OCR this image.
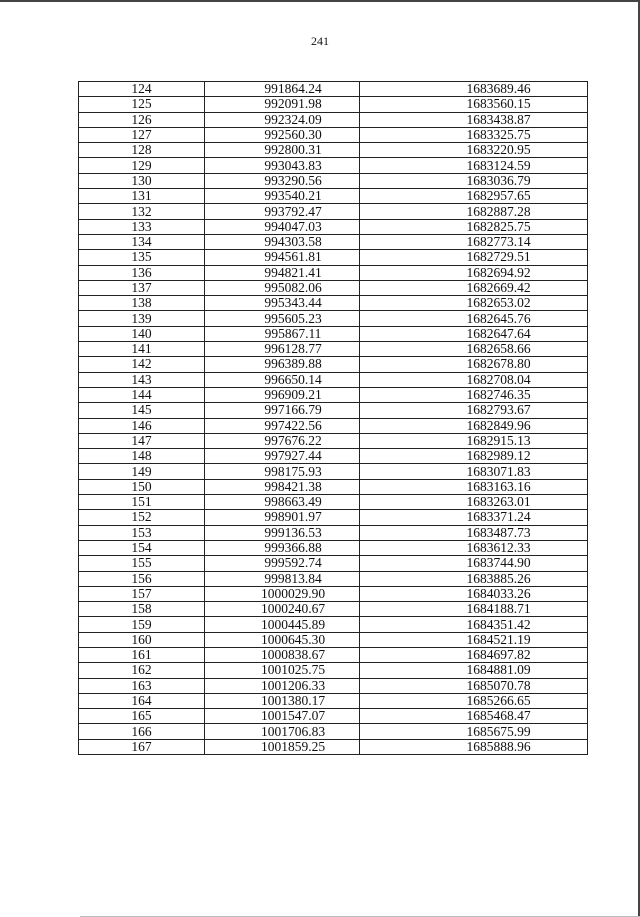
241
124	991864.24	1683689.46
125	992091.98	1683560.15
126	992324.09	1683438.87
127	992560.30	1683325.75
128	992800.31	1683220.95
129	993043.83	1683124.59
130	993290.56	1683036.79
131	993540.21	1682957.65
132	993792.47	1682887.28
133	994047.03	1682825.75
134	994303.58	1682773.14
135	994561.81	1682729.51
136	994821.41	1682694.92
137	995082.06	1682669.42
138	995343.44	1682653.02
139	995605.23	1682645.76
140	995867.11	1682647.64
141	996128.77	1682658.66
142	996389.88	1682678.80
143	996650.14	1682708.04
144	996909.21	1682746.35
145	997166.79	1682793.67
146	997422.56	1682849.96
147	997676.22	1682915.13
148	997927.44	1682989.12
149	998175.93	1683071.83
150	998421.38	1683163.16
151	998663.49	1683263.01
152	998901.97	1683371.24
153	999136.53	1683487.73
154	999366.88	1683612.33
155	999592.74	1683744.90
156	999813.84	1683885.26
157	1000029.90	1684033.26
158	1000240.67	1684188.71
159	1000445.89	1684351.42
160	1000645.30	1684521.19
161	1000838.67	1684697.82
162	1001025.75	1684881.09
163	1001206.33	1685070.78
164	1001380.17	1685266.65
165	1001547.07	1685468.47
166	1001706.83	1685675.99
167	1001859.25	1685888.96
